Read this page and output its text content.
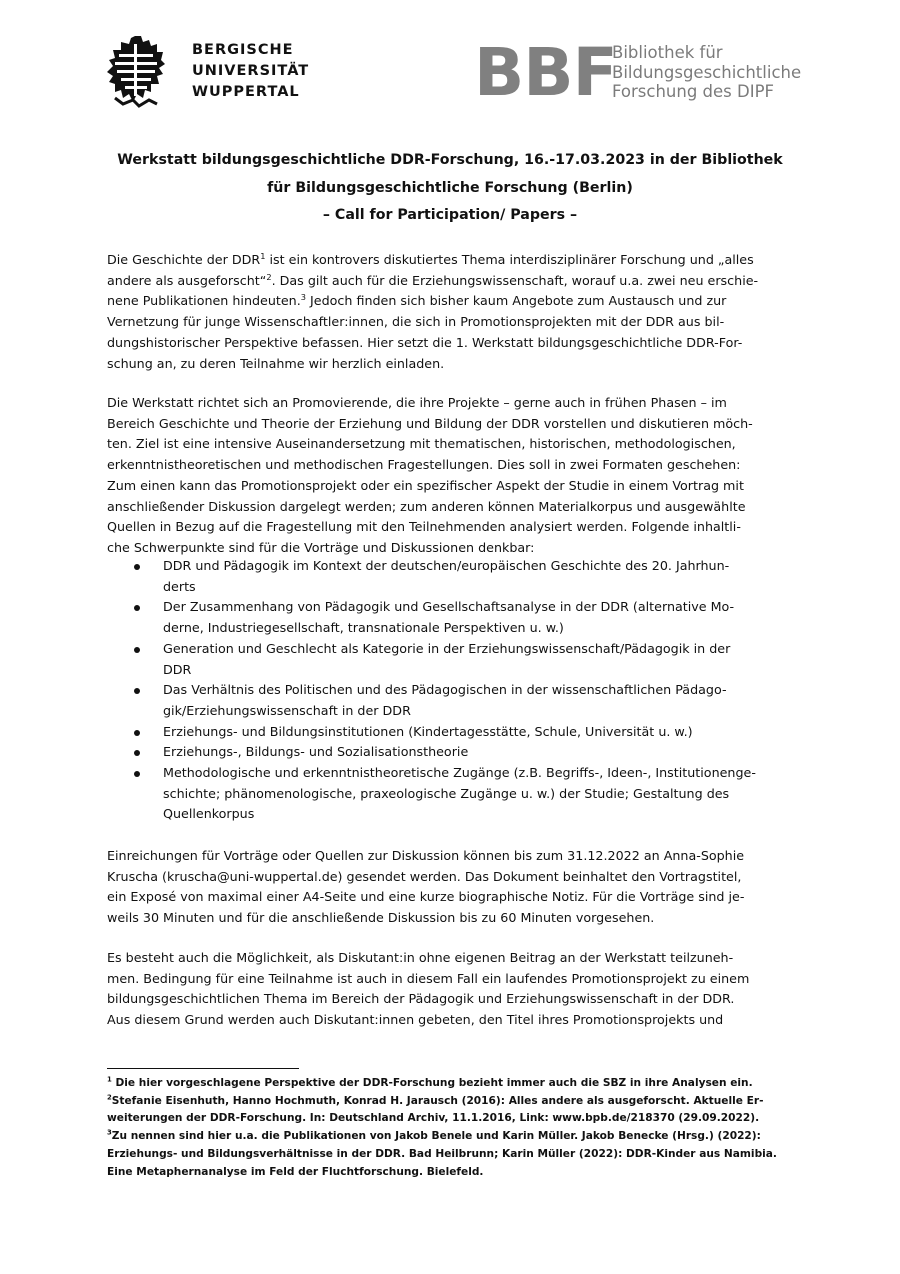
BERGISCHE
UNIVERSITÄT
WUPPERTAL	BBF
Bibliothek für
Bildungsgeschichtliche
Forschung des DIPF
Werkstatt bildungsgeschichtliche DDR-Forschung, 16.-17.03.2023 in der Bibliothek
für Bildungsgeschichtliche Forschung (Berlin)
– Call for Participation/ Papers –
Die Geschichte der DDR$^1$ ist ein kontrovers diskutiertes Thema interdisziplinärer Forschung und „alles
andere als ausgeforscht“$^2$. Das gilt auch für die Erziehungswissenschaft, worauf u.a. zwei neu erschie-
nene Publikationen hindeuten.$^3$ Jedoch finden sich bisher kaum Angebote zum Austausch und zur
Vernetzung für junge Wissenschaftler:innen, die sich in Promotionsprojekten mit der DDR aus bil-
dungshistorischer Perspektive befassen. Hier setzt die 1. Werkstatt bildungsgeschichtliche DDR-For-
schung an, zu deren Teilnahme wir herzlich einladen.
Die Werkstatt richtet sich an Promovierende, die ihre Projekte – gerne auch in frühen Phasen – im
Bereich Geschichte und Theorie der Erziehung und Bildung der DDR vorstellen und diskutieren möch-
ten. Ziel ist eine intensive Auseinandersetzung mit thematischen, historischen, methodologischen,
erkenntnistheoretischen und methodischen Fragestellungen. Dies soll in zwei Formaten geschehen:
Zum einen kann das Promotionsprojekt oder ein spezifischer Aspekt der Studie in einem Vortrag mit
anschließender Diskussion dargelegt werden; zum anderen können Materialkorpus und ausgewählte
Quellen in Bezug auf die Fragestellung mit den Teilnehmenden analysiert werden. Folgende inhaltli-
che Schwerpunkte sind für die Vorträge und Diskussionen denkbar:
DDR und Pädagogik im Kontext der deutschen/europäischen Geschichte des 20. Jahrhun-
derts
Der Zusammenhang von Pädagogik und Gesellschaftsanalyse in der DDR (alternative Mo-
derne, Industriegesellschaft, transnationale Perspektiven u. w.)
Generation und Geschlecht als Kategorie in der Erziehungswissenschaft/Pädagogik in der
DDR
Das Verhältnis des Politischen und des Pädagogischen in der wissenschaftlichen Pädago-
gik/Erziehungswissenschaft in der DDR
Erziehungs- und Bildungsinstitutionen (Kindertagesstätte, Schule, Universität u. w.)
Erziehungs-, Bildungs- und Sozialisationstheorie
Methodologische und erkenntnistheoretische Zugänge (z.B. Begriffs-, Ideen-, Institutionenge-
schichte; phänomenologische, praxeologische Zugänge u. w.) der Studie; Gestaltung des
Quellenkorpus
Einreichungen für Vorträge oder Quellen zur Diskussion können bis zum 31.12.2022 an Anna-Sophie
Kruscha (kruscha@uni-wuppertal.de) gesendet werden. Das Dokument beinhaltet den Vortragstitel,
ein Exposé von maximal einer A4-Seite und eine kurze biographische Notiz. Für die Vorträge sind je-
weils 30 Minuten und für die anschließende Diskussion bis zu 60 Minuten vorgesehen.
Es besteht auch die Möglichkeit, als Diskutant:in ohne eigenen Beitrag an der Werkstatt teilzuneh-
men. Bedingung für eine Teilnahme ist auch in diesem Fall ein laufendes Promotionsprojekt zu einem
bildungsgeschichtlichen Thema im Bereich der Pädagogik und Erziehungswissenschaft in der DDR.
Aus diesem Grund werden auch Diskutant:innen gebeten, den Titel ihres Promotionsprojekts und
$^1$ Die hier vorgeschlagene Perspektive der DDR-Forschung bezieht immer auch die SBZ in ihre Analysen ein.
$^2$Stefanie Eisenhuth, Hanno Hochmuth, Konrad H. Jarausch (2016): Alles andere als ausgeforscht. Aktuelle Er-
weiterungen der DDR-Forschung. In: Deutschland Archiv, 11.1.2016, Link: www.bpb.de/218370 (29.09.2022).
$^3$Zu nennen sind hier u.a. die Publikationen von Jakob Benele und Karin Müller. Jakob Benecke (Hrsg.) (2022):
Erziehungs- und Bildungsverhältnisse in der DDR. Bad Heilbrunn; Karin Müller (2022): DDR-Kinder aus Namibia.
Eine Metaphernanalyse im Feld der Fluchtforschung. Bielefeld.
